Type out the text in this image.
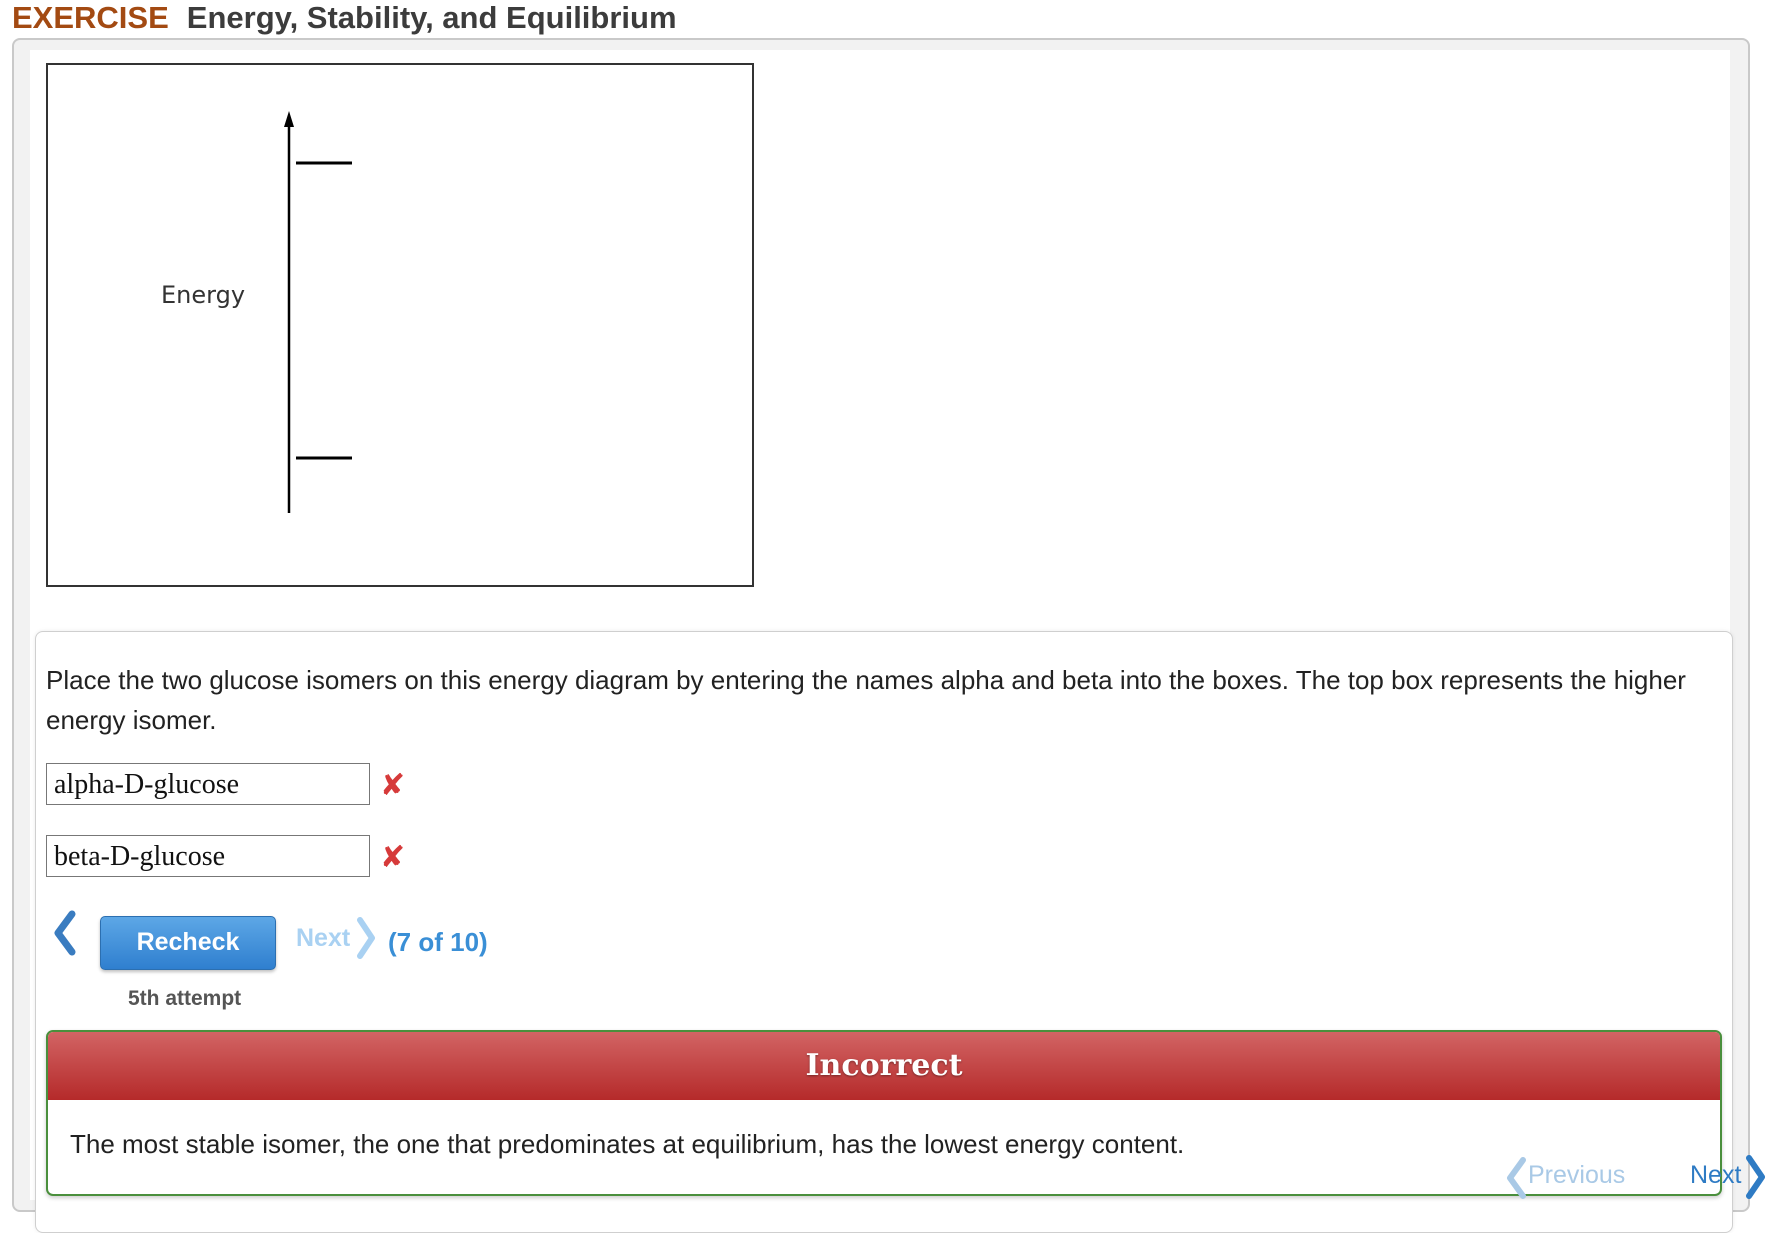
EXERCISE Energy, Stability, and Equilibrium
Energy
Place the two glucose isomers on this energy diagram by entering the names alpha and beta into the boxes. The top box represents the higher energy isomer.
alpha-D-glucose	✘
beta-D-glucose	✘
Recheck	Next (7 of 10)
5th attempt
Incorrect
The most stable isomer, the one that predominates at equilibrium, has the lowest energy content.
Previous	Next
